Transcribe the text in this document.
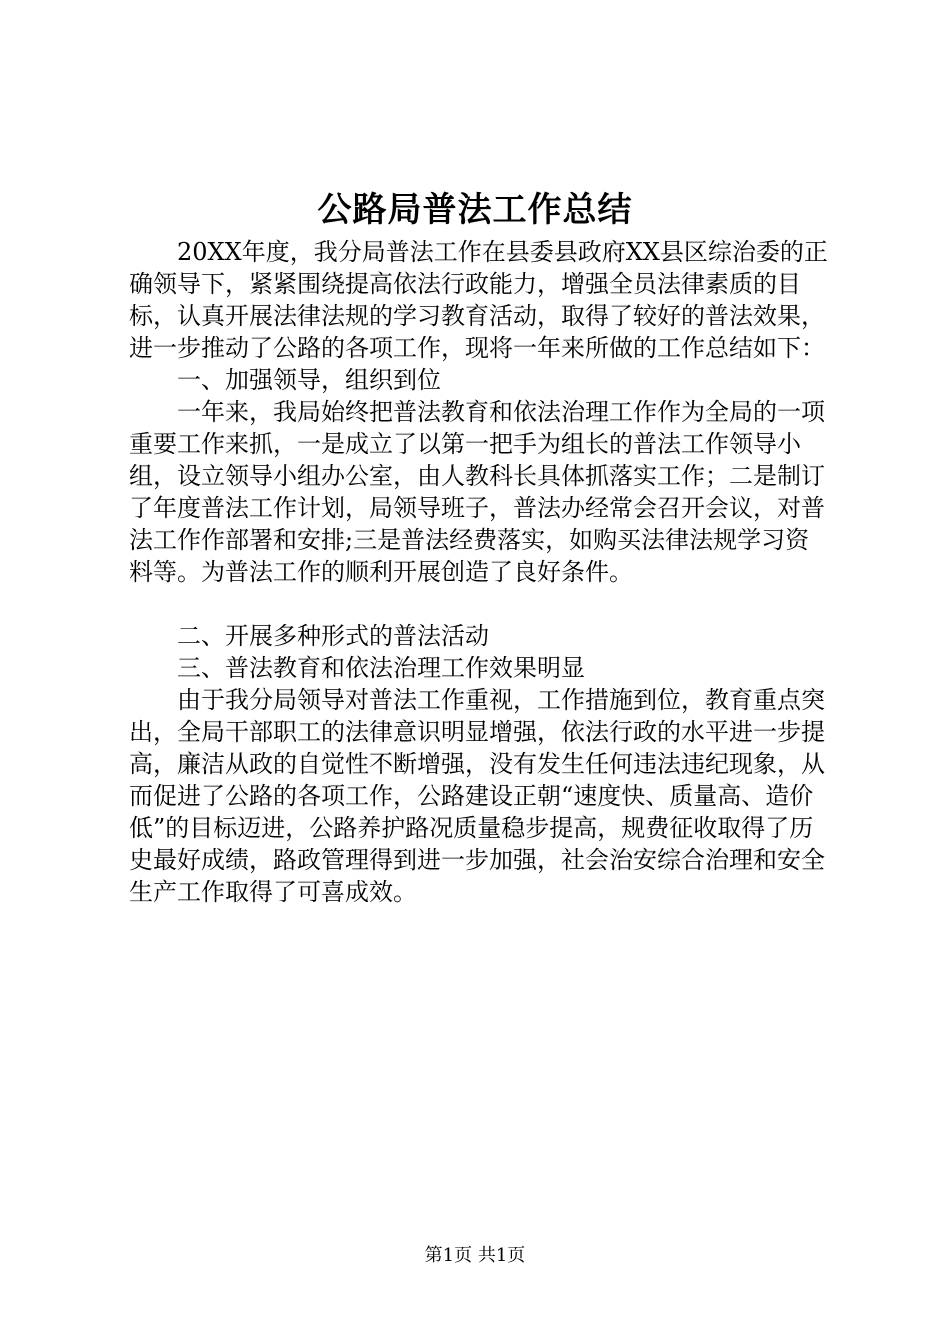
公路局普法工作总结

20XX年度，我分局普法工作在县委县政府XX县区综治委的正确领导下，紧紧围绕提高依法行政能力，增强全员法律素质的目标，认真开展法律法规的学习教育活动，取得了较好的普法效果，进一步推动了公路的各项工作，现将一年来所做的工作总结如下：

一、加强领导，组织到位

一年来，我局始终把普法教育和依法治理工作作为全局的一项重要工作来抓，一是成立了以第一把手为组长的普法工作领导小组，设立领导小组办公室，由人教科长具体抓落实工作；二是制订了年度普法工作计划，局领导班子，普法办经常会召开会议，对普法工作作部署和安排;三是普法经费落实，如购买法律法规学习资料等。为普法工作的顺利开展创造了良好条件。

二、开展多种形式的普法活动

三、普法教育和依法治理工作效果明显

由于我分局领导对普法工作重视，工作措施到位，教育重点突出，全局干部职工的法律意识明显增强，依法行政的水平进一步提高，廉洁从政的自觉性不断增强，没有发生任何违法违纪现象，从而促进了公路的各项工作，公路建设正朝“速度快、质量高、造价低”的目标迈进，公路养护路况质量稳步提高，规费征收取得了历史最好成绩，路政管理得到进一步加强，社会治安综合治理和安全生产工作取得了可喜成效。

第1页 共1页
